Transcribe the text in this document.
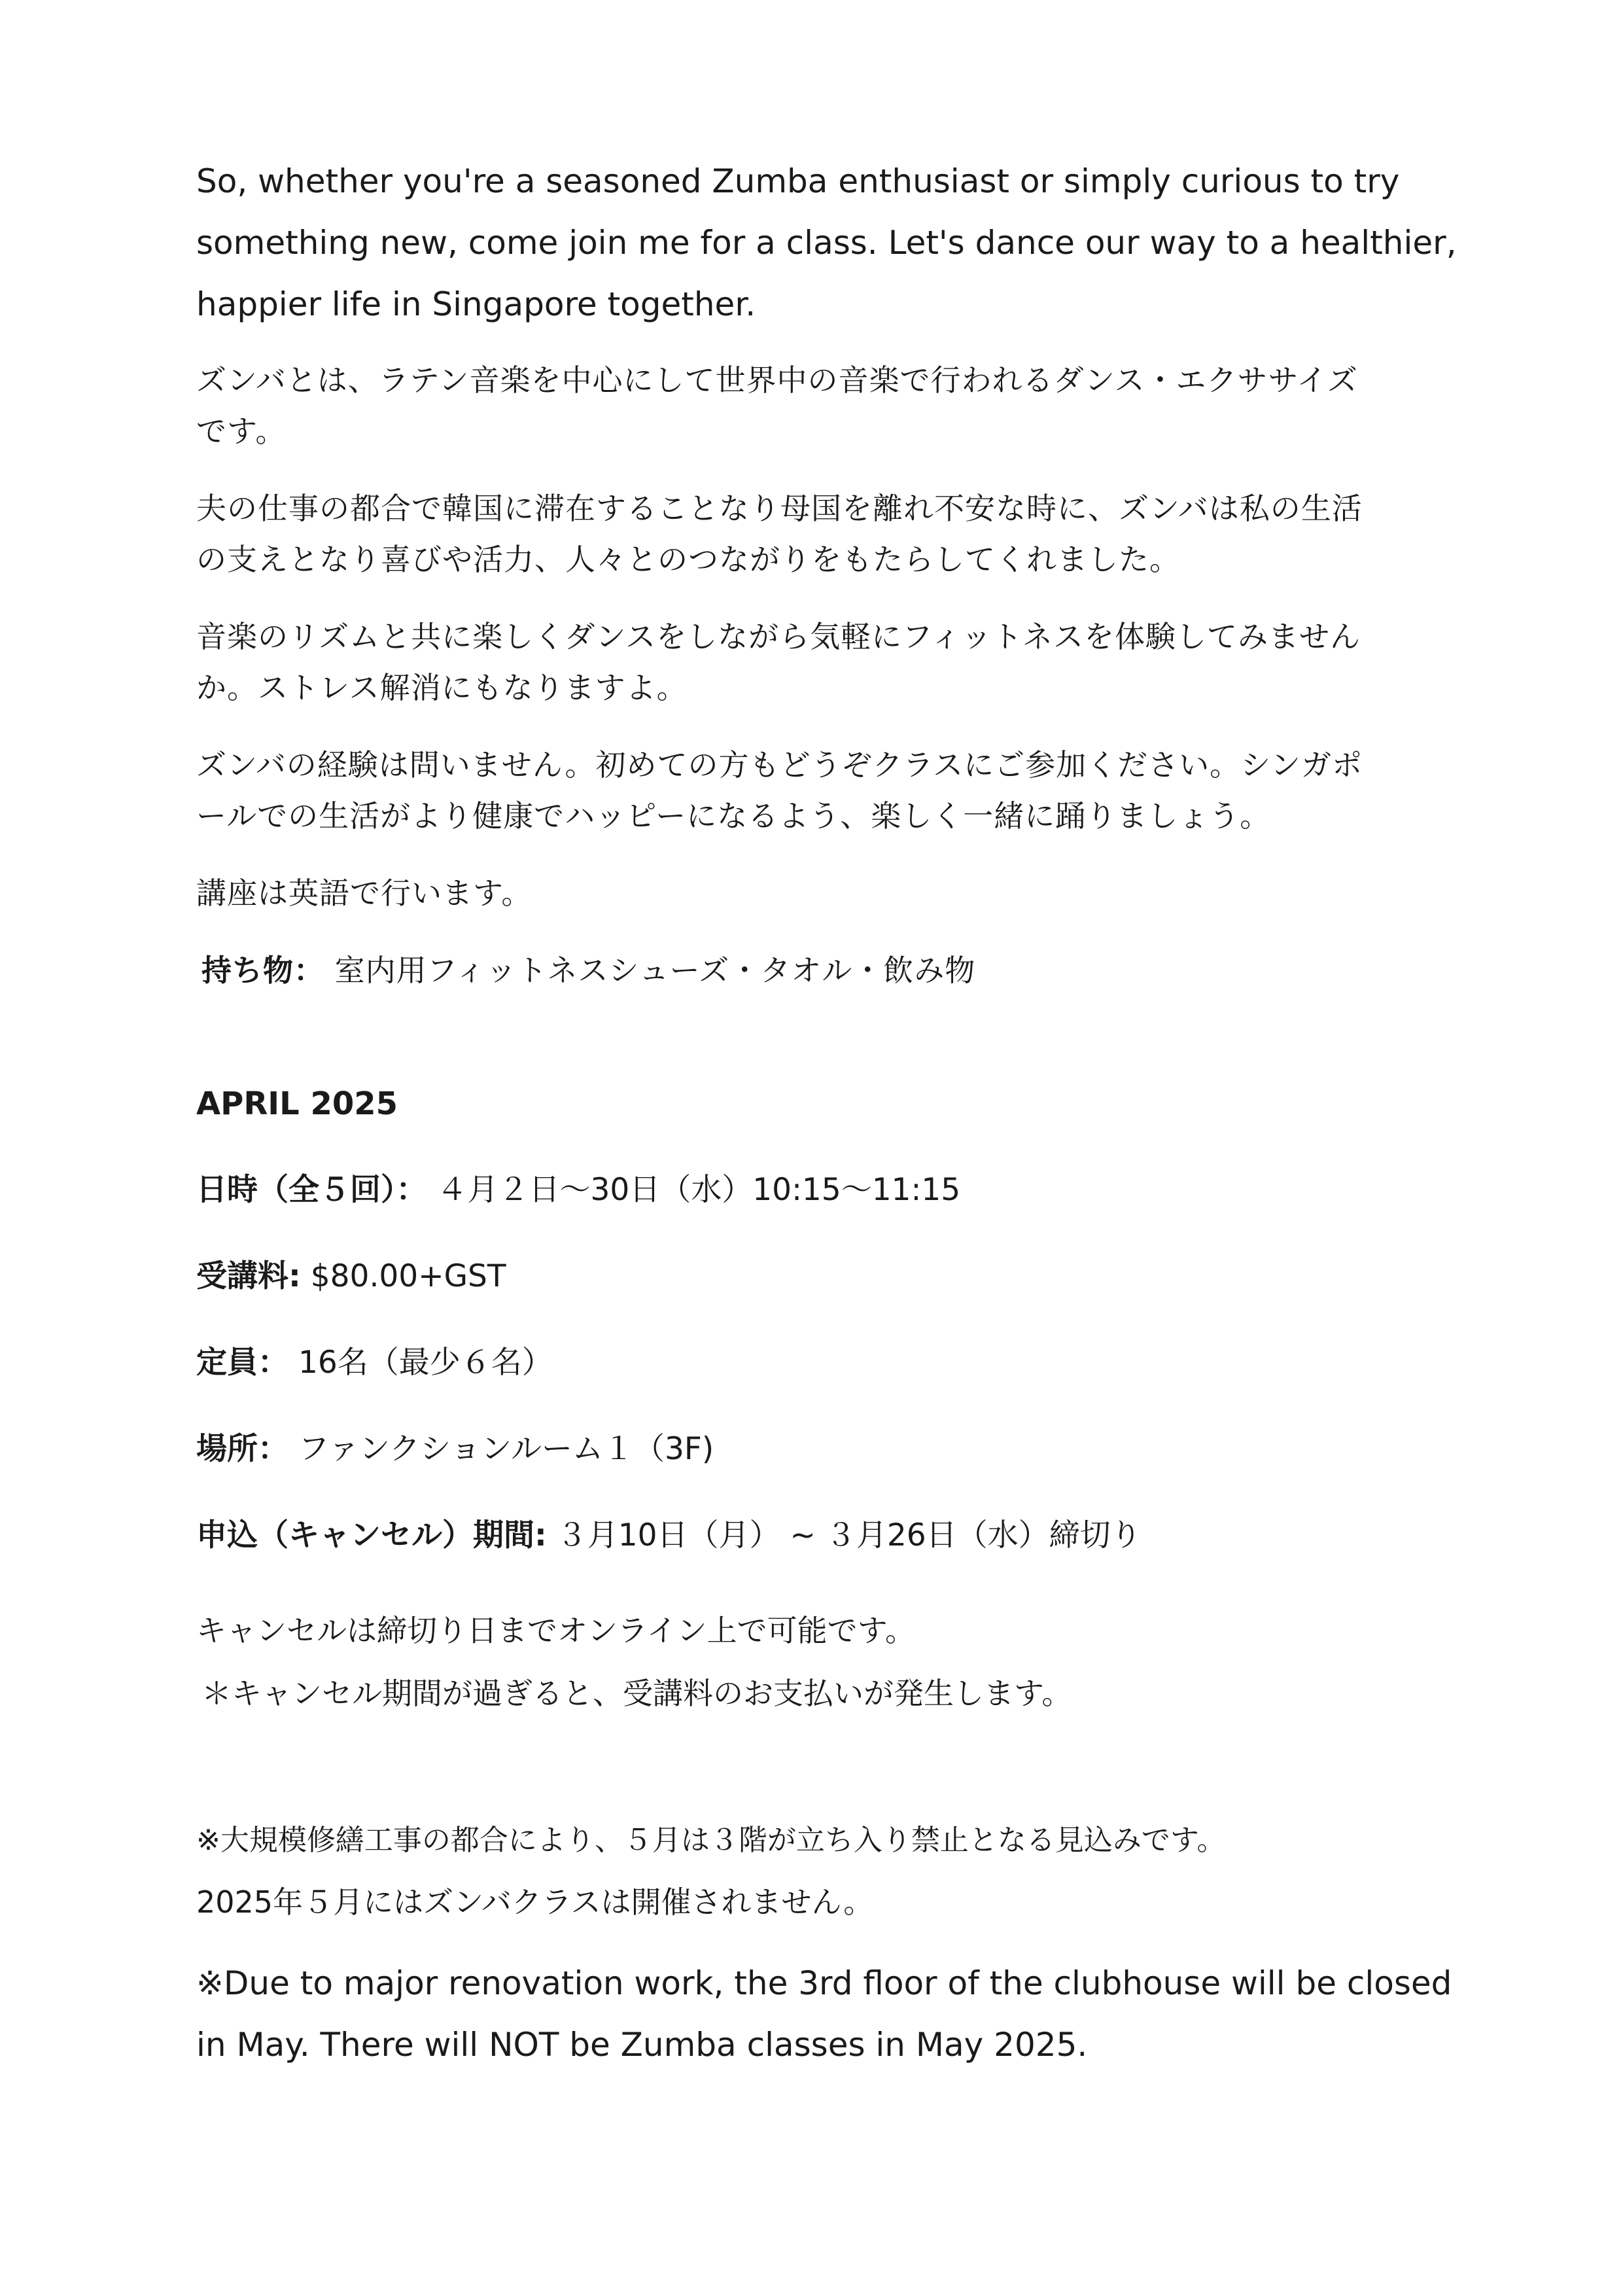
So, whether you're a seasoned Zumba enthusiast or simply curious to try

something new, come join me for a class. Let's dance our way to a healthier,

happier life in Singapore together.

ズンバとは、ラテン音楽を中心にして世界中の音楽で行われるダンス・エクササイズ

です。

夫の仕事の都合で韓国に滞在することなり母国を離れ不安な時に、ズンバは私の生活

の支えとなり喜びや活力、人々とのつながりをもたらしてくれました。

音楽のリズムと共に楽しくダンスをしながら気軽にフィットネスを体験してみません

か。ストレス解消にもなりますよ。

ズンバの経験は問いません。初めての方もどうぞクラスにご参加ください。シンガポ

ールでの生活がより健康でハッピーになるよう、楽しく一緒に踊りましょう。

講座は英語で行います。

持ち物： 室内用フィットネスシューズ・タオル・飲み物

APRIL 2025

日時（全５回）： ４月２日～30日（水）10:15～11:15

受講料: $80.00+GST

定員： 16名（最少６名）

場所： ファンクションルーム１（3F)

申込（キャンセル）期間: ３月10日（月） ~ ３月26日（水）締切り

キャンセルは締切り日までオンライン上で可能です。

＊キャンセル期間が過ぎると、受講料のお支払いが発生します。

※大規模修繕工事の都合により、５月は３階が立ち入り禁止となる見込みです。

2025年５月にはズンバクラスは開催されません。

※Due to major renovation work, the 3rd floor of the clubhouse will be closed

in May. There will NOT be Zumba classes in May 2025.
